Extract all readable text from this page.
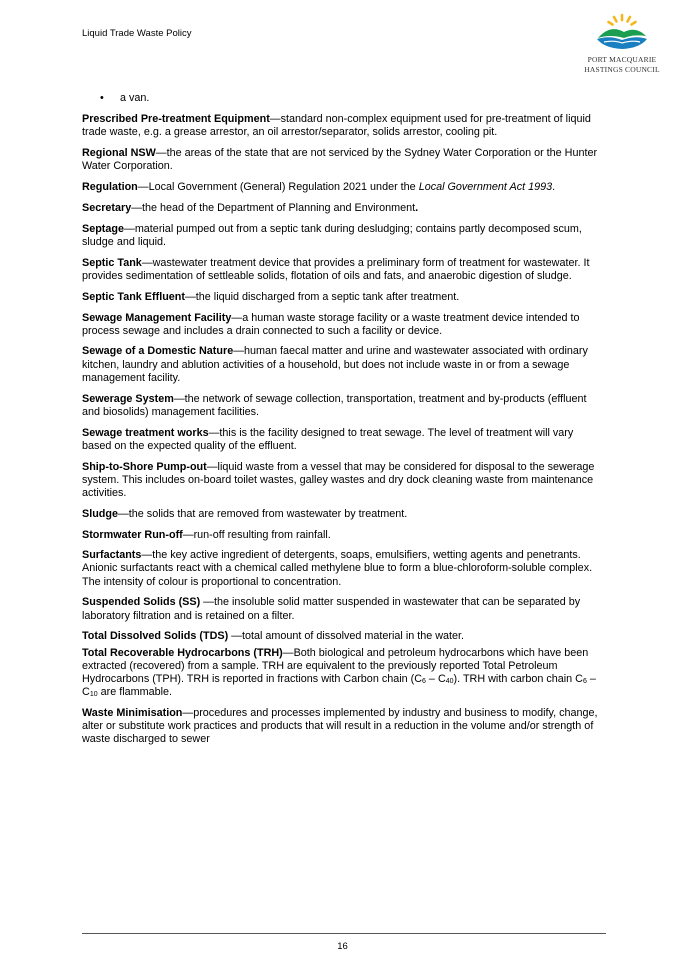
Liquid Trade Waste Policy
PORT MACQUARIE
HASTINGS COUNCIL

• a van.

Prescribed Pre-treatment Equipment—standard non-complex equipment used for pre-treatment of liquid trade waste, e.g. a grease arrestor, an oil arrestor/separator, solids arrestor, cooling pit.

Regional NSW—the areas of the state that are not serviced by the Sydney Water Corporation or the Hunter Water Corporation.

Regulation—Local Government (General) Regulation 2021 under the Local Government Act 1993.

Secretary—the head of the Department of Planning and Environment.

Septage—material pumped out from a septic tank during desludging; contains partly decomposed scum, sludge and liquid.

Septic Tank—wastewater treatment device that provides a preliminary form of treatment for wastewater. It provides sedimentation of settleable solids, flotation of oils and fats, and anaerobic digestion of sludge.

Septic Tank Effluent—the liquid discharged from a septic tank after treatment.

Sewage Management Facility—a human waste storage facility or a waste treatment device intended to process sewage and includes a drain connected to such a facility or device.

Sewage of a Domestic Nature—human faecal matter and urine and wastewater associated with ordinary kitchen, laundry and ablution activities of a household, but does not include waste in or from a sewage management facility.

Sewerage System—the network of sewage collection, transportation, treatment and by-products (effluent and biosolids) management facilities.

Sewage treatment works—this is the facility designed to treat sewage. The level of treatment will vary based on the expected quality of the effluent.

Ship-to-Shore Pump-out—liquid waste from a vessel that may be considered for disposal to the sewerage system. This includes on-board toilet wastes, galley wastes and dry dock cleaning waste from maintenance activities.

Sludge—the solids that are removed from wastewater by treatment.

Stormwater Run-off—run-off resulting from rainfall.

Surfactants—the key active ingredient of detergents, soaps, emulsifiers, wetting agents and penetrants. Anionic surfactants react with a chemical called methylene blue to form a blue-chloroform-soluble complex. The intensity of colour is proportional to concentration.

Suspended Solids (SS) —the insoluble solid matter suspended in wastewater that can be separated by laboratory filtration and is retained on a filter.

Total Dissolved Solids (TDS) —total amount of dissolved material in the water.

Total Recoverable Hydrocarbons (TRH)—Both biological and petroleum hydrocarbons which have been extracted (recovered) from a sample. TRH are equivalent to the previously reported Total Petroleum Hydrocarbons (TPH). TRH is reported in fractions with Carbon chain $(C_6 - C_{40})$. TRH with carbon chain $C_6 - C_{10}$ are flammable.

Waste Minimisation—procedures and processes implemented by industry and business to modify, change, alter or substitute work practices and products that will result in a reduction in the volume and/or strength of waste discharged to sewer

16
